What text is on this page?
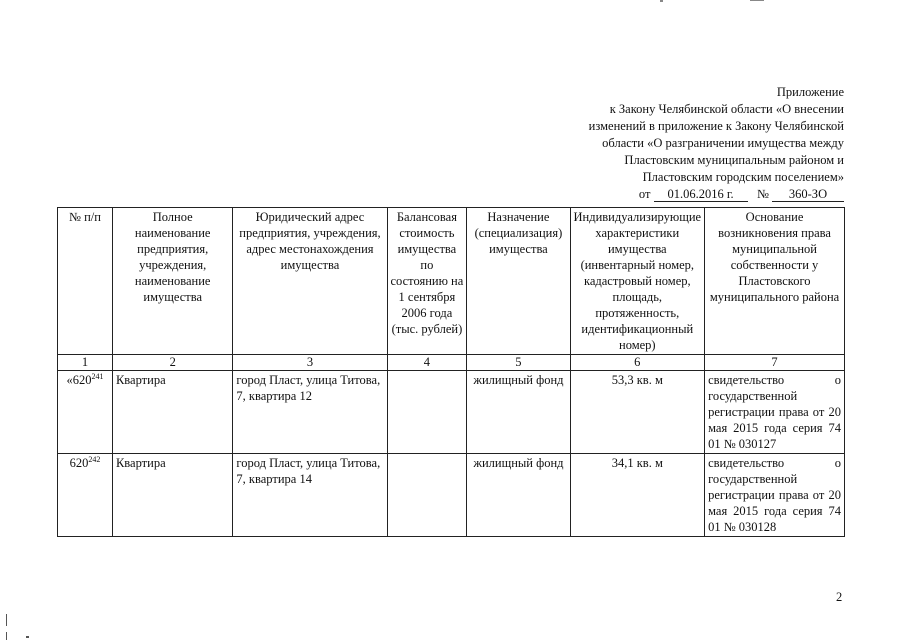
Приложение
к Закону Челябинской области «О внесении
изменений в приложение к Закону Челябинской
области «О разграничении имущества между
Пластовским муниципальным районом и
Пластовским городским поселением»
от 01.06.2016 г. № 360-ЗО
№ п/п	Полное наименование предприятия, учреждения, наименование имущества	Юридический адрес предприятия, учреждения, адрес местонахождения имущества	Балансовая стоимость имущества по состоянию на 1 сентября 2006 года (тыс. рублей)	Назначение (специализация) имущества	Индивидуализирующие характеристики имущества (инвентарный номер, кадастровый номер, площадь, протяженность, идентификационный номер)	Основание возникновения права муниципальной собственности у Пластовского муниципального района
1	2	3	4	5	6	7
«$620^{241}$	Квартира	город Пласт, улица Титова, 7, квартира 12		жилищный фонд	53,3 кв. м	свидетельство о государственной регистрации права от 20 мая 2015 года серия 74 01 № 030127
$620^{242}$	Квартира	город Пласт, улица Титова, 7, квартира 14		жилищный фонд	34,1 кв. м	свидетельство о государственной регистрации права от 20 мая 2015 года серия 74 01 № 030128
2
